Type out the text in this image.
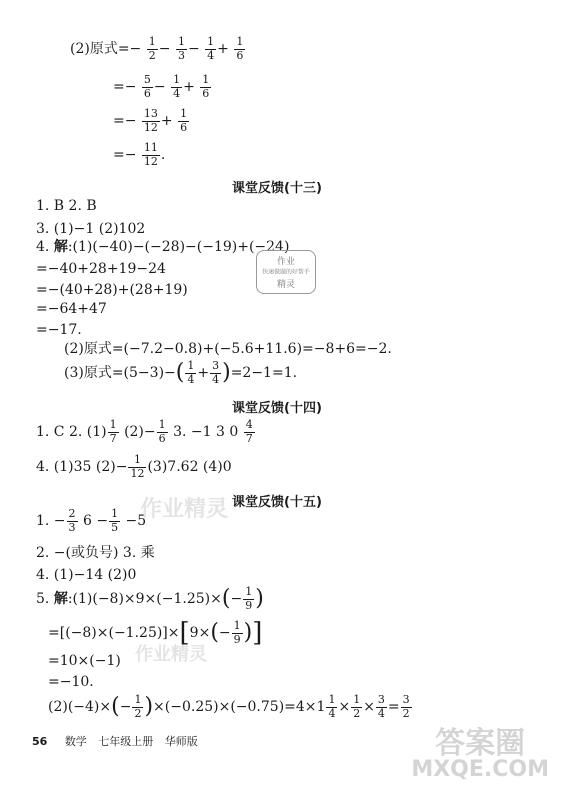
(2)原式=− $\frac{1}{2} - \frac{1}{3} - \frac{1}{4} + \frac{1}{6}$
=− $\frac{5}{6} - \frac{1}{4} + \frac{1}{6}$
=− $\frac{13}{12} + \frac{1}{6}$
=− $\frac{11}{12}$ .
课堂反馈(十三)
1. B 2. B
3. (1)−1 (2)102
4. 解:(1)(−40)−(−28)−(−19)+(−24)
=−40+28+19−24
=−(40+28)+(28+19)
=−64+47
=−17.
(2)原式=(−7.2−0.8)+(−5.6+11.6)=−8+6=−2.
(3)原式$=(5-3)-( \frac{1}{4} + \frac{3}{4} )=2-1=1$.
课堂反馈(十四)
1. C 2. $(1) \frac{1}{7} (2)- \frac{1}{6} 3$. −1 3 $0 \frac{4}{7}$
4. (1)35 $(2)- \frac{1}{12} (3)7.62$ (4)0
课堂反馈(十五)
1. − $\frac{2}{3} 6 - \frac{1}{5} -5$
2. −(或负号) 3. 乘
4. (1)−14 (2)0
5. 解:(1)(−8)×9×(−1.25)×(− $\frac{1}{9}$ )
$=[(-8)\times(-1.25)]\times[9\times(- \frac{1}{9}$ )]
=10×(−1)
=−10.
$(2)(-4)\times(- \frac{1}{2} )\times(-0.25)\times(-0.75)=4\times 1 \frac{1}{4} \times \frac{1}{2} \times \frac{3}{4} = \frac{3}{2}$
56 数学 七年级上册 华师版
作业
快速做题的好帮手
精灵
作业精灵
作业精灵
答案圈
MXQE.COM
